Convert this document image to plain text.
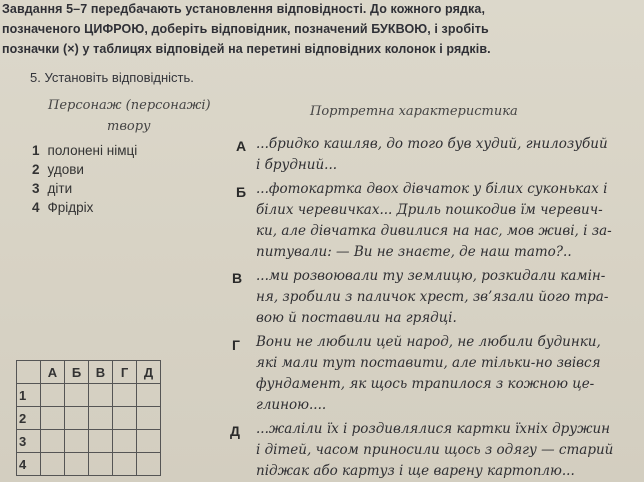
Завдання 5–7 передбачають установлення відповідності. До кожного рядка,
позначеного ЦИФРОЮ, доберіть відповідник, позначений БУКВОЮ, і зробіть
позначки (×) у таблицях відповідей на перетині відповідних колонок і рядків.
5. Установіть відповідність.
Персонаж (персонажі)
твору
1 полонені німці
2 удови
3 діти
4 Фрідріх
Портретна характеристика
А ...бридко кашляв, до того був худий, гнилозубий
і брудний...
Б ...фотокартка двох дівчаток у білих суконьках і
білих черевичках... Дриль пошкодив їм черевич-
ки, але дівчатка дивилися на нас, мов живі, і за-
питували: — Ви не знаєте, де наш тато?..
В ...ми розвоювали ту землицю, розкидали камін-
ня, зробили з паличок хрест, зв’язали його тра-
вою й поставили на грядці.
Г Вони не любили цей народ, не любили будинки,
які мали тут поставити, але тільки-но звівся
фундамент, як щось трапилося з кожною це-
глиною....
Д ...жаліли їх і роздивлялися картки їхніх дружин
і дітей, часом приносили щось з одягу — старий
піджак або картуз і ще варену картоплю...
	А	Б	В	Г	Д
1					
2					
3					
4					
